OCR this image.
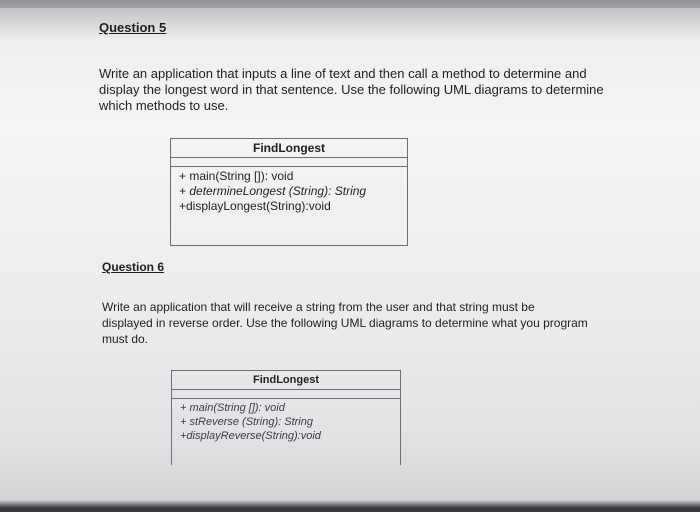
Question 5
Write an application that inputs a line of text and then call a method to determine and
display the longest word in that sentence. Use the following UML diagrams to determine
which methods to use.
FindLongest
+ main(String []): void
+ determineLongest (String): String
+displayLongest(String):void
Question 6
Write an application that will receive a string from the user and that string must be
displayed in reverse order. Use the following UML diagrams to determine what you program
must do.
FindLongest
+ main(String []): void
+ stReverse (String): String
+displayReverse(String):void
